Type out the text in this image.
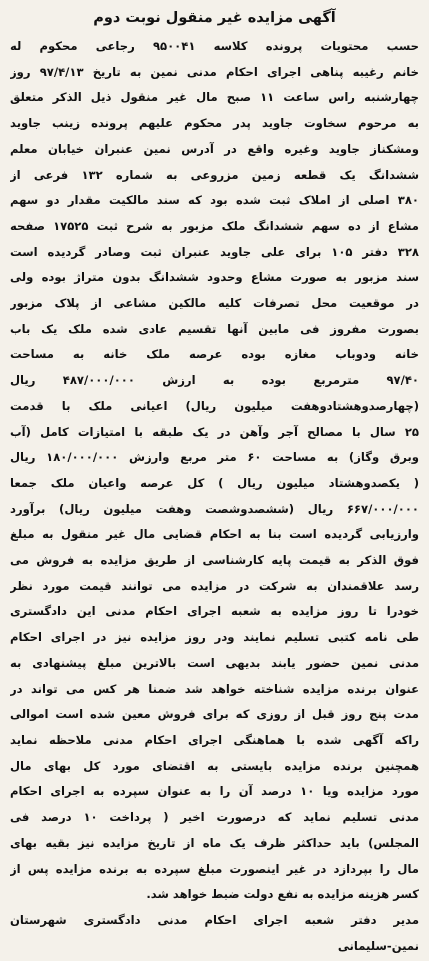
آگهی مزایده غیر منقول نوبت دوم
حسب محتویات پرونده کلاسه ۹۵۰۰۴۱ رجاعی محکوم له
خانم رغیبه پناهی اجرای احکام مدنی نمین به تاریخ ۹۷/۴/۱۳ روز
چهارشنبه راس ساعت ۱۱ صبح مال غیر منقول ذیل الذکر متعلق
به مرحوم سخاوت جاوید پدر محکوم علیهم پرونده زینب جاوید
ومشکناز جاوید وغیره واقع در آدرس نمین عنبران خیابان معلم
ششدانگ یک قطعه زمین مزروعی به شماره ۱۳۲ فرعی از
۳۸۰ اصلی از املاک ثبت شده بود که سند مالکیت مقدار دو سهم
مشاع از ده سهم ششدانگ ملک مزبور به شرح ثبت ۱۷۵۲۵ صفحه
۳۲۸ دفتر ۱۰۵ برای علی جاوید عنبران ثبت وصادر گردیده است
سند مزبور به صورت مشاع وحدود ششدانگ بدون متراژ بوده ولی
در موقعیت محل تصرفات کلیه مالکین مشاعی از پلاک مزبور
بصورت مفروز فی مابین آنها تقسیم عادی شده ملک یک باب
خانه ودوباب مغازه بوده عرصه ملک خانه به مساحت
۹۷/۴۰ مترمربع بوده به ارزش ۴۸۷/۰۰۰/۰۰۰ ریال
(چهارصدوهشتادوهفت میلیون ریال) اعیانی ملک با قدمت
۲۵ سال با مصالح آجر وآهن در یک طبقه با امتیازات کامل (آب
وبرق وگاز) به مساحت ۶۰ متر مربع وارزش ۱۸۰/۰۰۰/۰۰۰ ریال
( یکصدوهشتاد میلیون ریال ) کل عرصه واعیان ملک جمعا
۶۶۷/۰۰۰/۰۰۰ ریال (ششصدوشصت وهفت میلیون ریال) برآورد
وارزیابی گردیده است بنا به احکام قضایی مال غیر منقول به مبلغ
فوق الذکر به قیمت پایه کارشناسی از طریق مزایده به فروش می
رسد علاقمندان به شرکت در مزایده می توانند قیمت مورد نظر
خودرا تا روز مزایده به شعبه اجرای احکام مدنی این دادگستری
طی نامه کتبی تسلیم نمایند ودر روز مزایده نیز در اجرای احکام
مدنی نمین حضور یابند بدیهی است بالاترین مبلغ پیشنهادی به
عنوان برنده مزایده شناخته خواهد شد ضمنا هر کس می تواند در
مدت پنج روز قبل از روزی که برای فروش معین شده است اموالی
راکه آگهی شده با هماهنگی اجرای احکام مدنی ملاحظه نماید
همچنین برنده مزایده بایستی به اقتضای مورد کل بهای مال
مورد مزایده ویا ۱۰ درصد آن را به عنوان سپرده به اجرای احکام
مدنی تسلیم نماید که درصورت اخیر ( پرداخت ۱۰ درصد فی
المجلس) باید حداکثر ظرف یک ماه از تاریخ مزایده نیز بقیه بهای
مال را بپردازد در غیر اینصورت مبلغ سپرده به برنده مزایده پس از
کسر هزینه مزایده به نفع دولت ضبط خواهد شد.
مدیر دفتر شعبه اجرای احکام مدنی دادگستری شهرستان
نمین-سلیمانی
